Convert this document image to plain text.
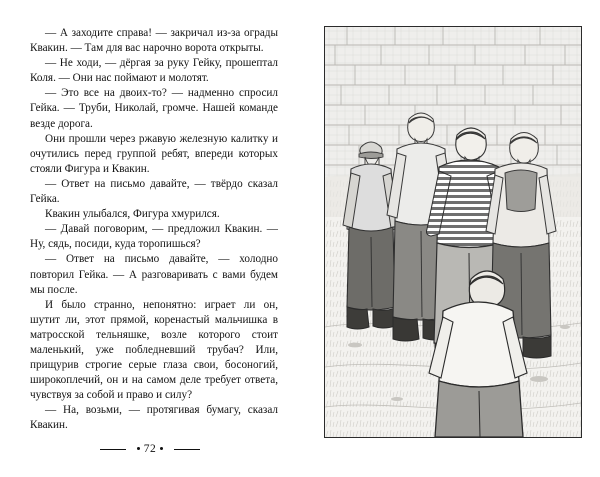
— А заходите справа! — закричал из-за ограды Квакин. — Там для вас нарочно ворота открыты.

— Не ходи, — дёргая за руку Гейку, прошептал Коля. — Они нас поймают и молотят.

— Это все на двоих-то? — надменно спросил Гейка. — Труби, Николай, громче. Нашей команде везде дорога.

Они прошли через ржавую железную калитку и очутились перед группой ребят, впереди которых стояли Фигура и Квакин.

— Ответ на письмо давайте, — твёрдо сказал Гейка.

Квакин улыбался, Фигура хмурился.

— Давай поговорим, — предложил Квакин. — Ну, сядь, посиди, куда торопишься?

— Ответ на письмо давайте, — холодно повторил Гейка. — А разговаривать с вами будем мы после.

И было странно, непонятно: играет ли он, шутит ли, этот прямой, коренастый мальчишка в матросской тельняшке, возле которого стоит маленький, уже побледневший трубач? Или, прищурив строгие серые глаза свои, босоногий, широкоплечий, он и на самом деле требует ответа, чувствуя за собой и право и силу?

— На, возьми, — протягивая бумагу, сказал Квакин.

72
